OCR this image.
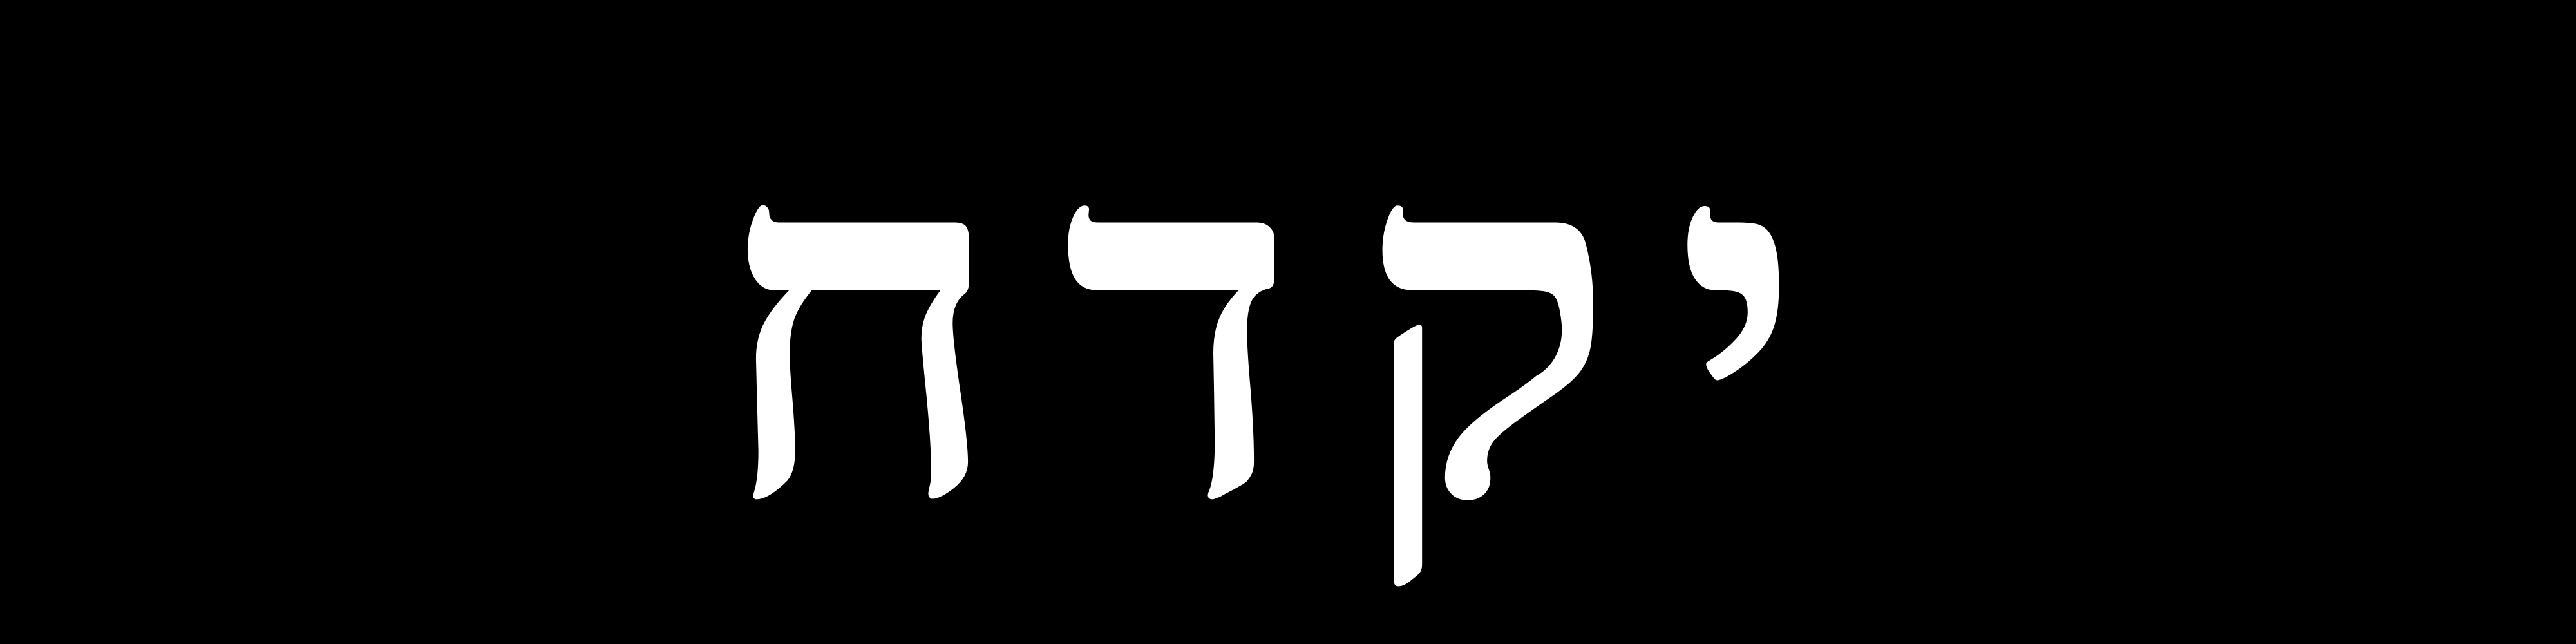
יקדח
